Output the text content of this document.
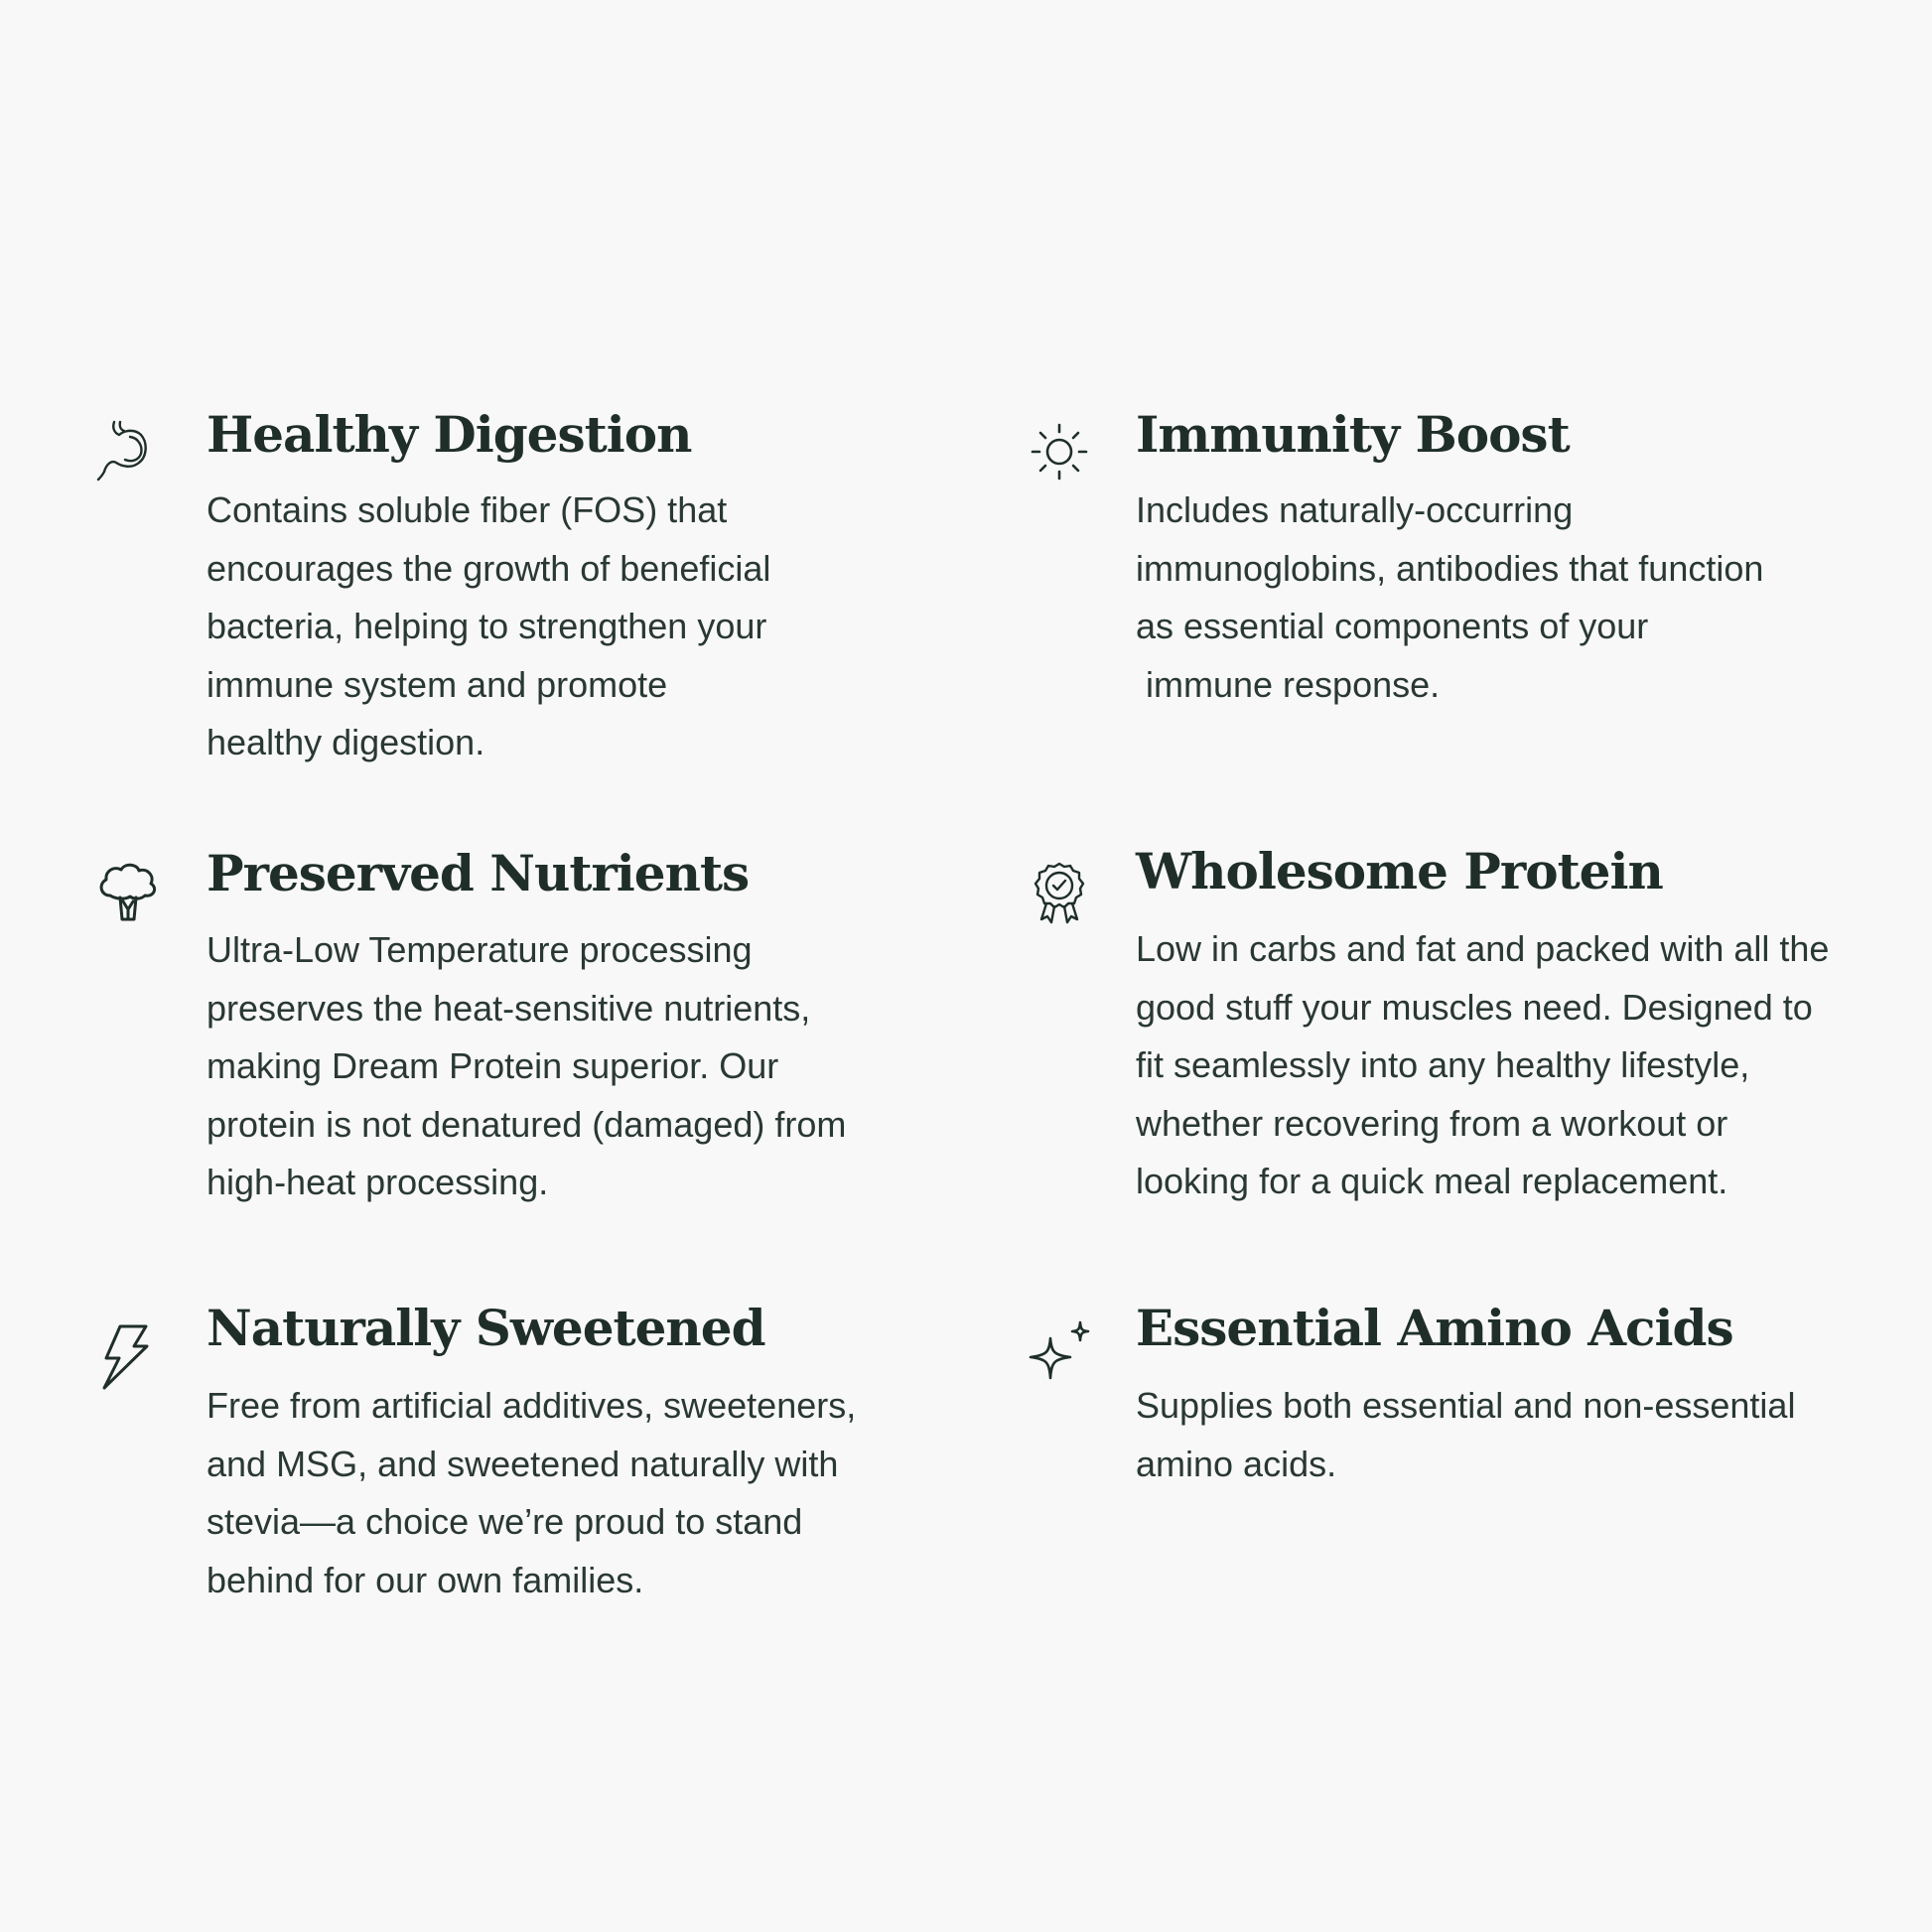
Healthy Digestion
Contains soluble fiber (FOS) that
encourages the growth of beneficial
bacteria, helping to strengthen your
immune system and promote
healthy digestion.
Immunity Boost
Includes naturally-occurring
immunoglobins, antibodies that function
as essential components of your
immune response.
Preserved Nutrients
Ultra-Low Temperature processing
preserves the heat-sensitive nutrients,
making Dream Protein superior. Our
protein is not denatured (damaged) from
high-heat processing.
Wholesome Protein
Low in carbs and fat and packed with all the
good stuff your muscles need. Designed to
fit seamlessly into any healthy lifestyle,
whether recovering from a workout or
looking for a quick meal replacement.
Naturally Sweetened
Free from artificial additives, sweeteners,
and MSG, and sweetened naturally with
stevia—a choice we’re proud to stand
behind for our own families.
Essential Amino Acids
Supplies both essential and non-essential
amino acids.
